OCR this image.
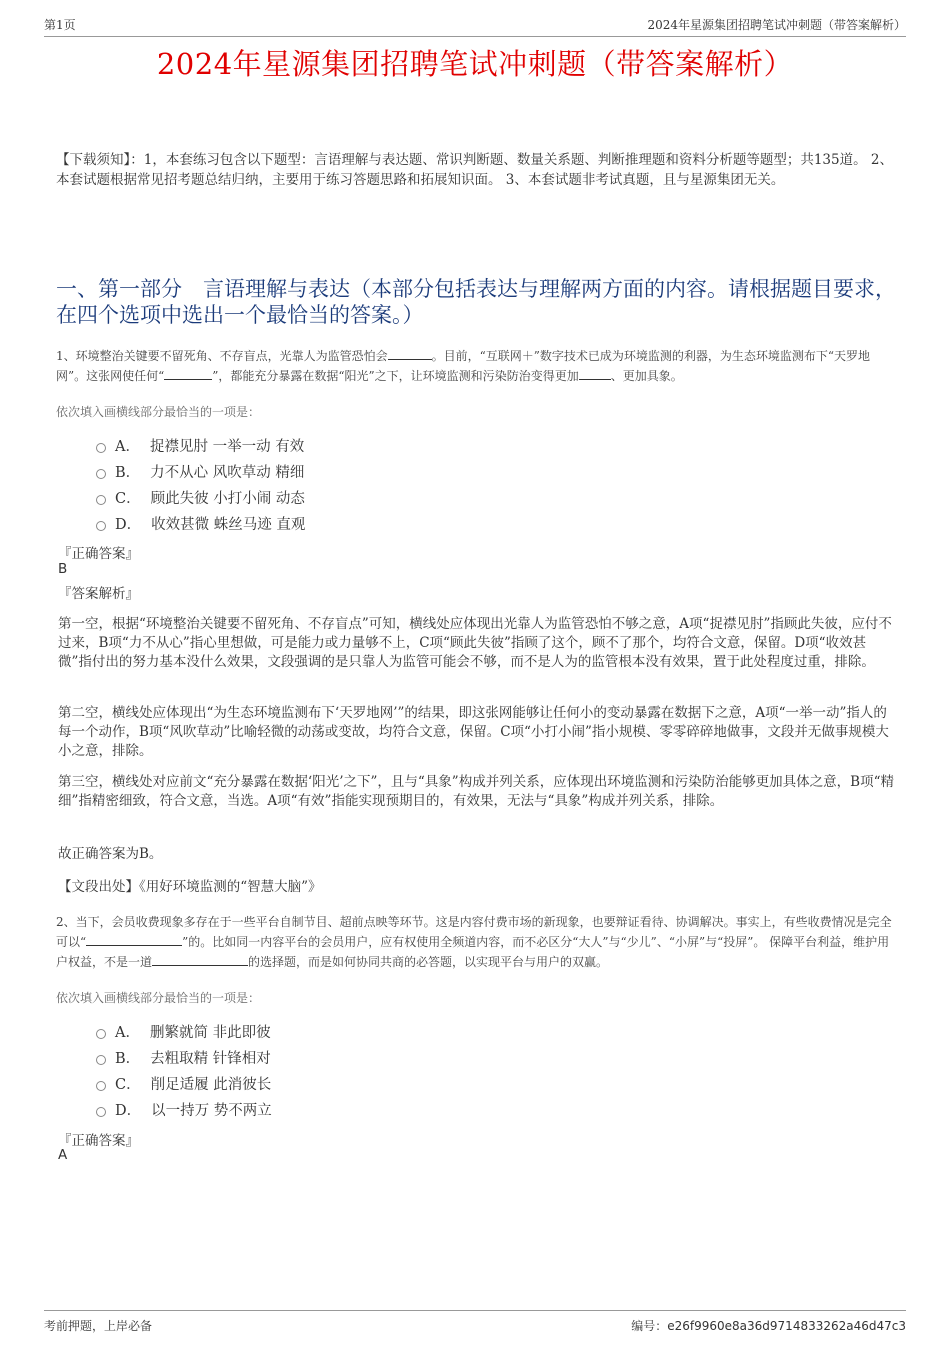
第1页	2024年星源集团招聘笔试冲刺题（带答案解析）
2024年星源集团招聘笔试冲刺题（带答案解析）
【下载须知】：1，本套练习包含以下题型：言语理解与表达题、常识判断题、数量关系题、判断推理题和资料分析题等题型；共135道。 2、本套试题根据常见招考题总结归纳，主要用于练习答题思路和拓展知识面。 3、本套试题非考试真题，且与星源集团无关。
一、第一部分　言语理解与表达（本部分包括表达与理解两方面的内容。请根据题目要求，在四个选项中选出一个最恰当的答案。）
1、环境整治关键要不留死角、不存盲点，光靠人为监管恐怕会	。目前，“互联网＋”数字技术已成为环境监测的利器，为生态环境监测布下“天罗地网”。这张网使任何“	”，都能充分暴露在数据“阳光”之下，让环境监测和污染防治变得更加	、更加具象。
依次填入画横线部分最恰当的一项是：
A． 捉襟见肘 一举一动 有效
B． 力不从心 风吹草动 精细
C． 顾此失彼 小打小闹 动态
D． 收效甚微 蛛丝马迹 直观
『正确答案』
B
『答案解析』
第一空，根据“环境整治关键要不留死角、不存盲点”可知，横线处应体现出光靠人为监管恐怕不够之意，A项“捉襟见肘”指顾此失彼，应付不过来，B项“力不从心”指心里想做，可是能力或力量够不上，C项“顾此失彼”指顾了这个，顾不了那个，均符合文意，保留。D项“收效甚微”指付出的努力基本没什么效果，文段强调的是只靠人为监管可能会不够，而不是人为的监管根本没有效果，置于此处程度过重，排除。
第二空，横线处应体现出“为生态环境监测布下‘天罗地网’”的结果，即这张网能够让任何小的变动暴露在数据下之意，A项“一举一动”指人的每一个动作，B项“风吹草动”比喻轻微的动荡或变故，均符合文意，保留。C项“小打小闹”指小规模、零零碎碎地做事，文段并无做事规模大小之意，排除。
第三空，横线处对应前文“充分暴露在数据‘阳光’之下”，且与“具象”构成并列关系，应体现出环境监测和污染防治能够更加具体之意，B项“精细”指精密细致，符合文意，当选。A项“有效”指能实现预期目的，有效果，无法与“具象”构成并列关系，排除。
故正确答案为B。
【文段出处】《用好环境监测的“智慧大脑”》
2、当下，会员收费现象多存在于一些平台自制节目、超前点映等环节。这是内容付费市场的新现象，也要辩证看待、协调解决。事实上，有些收费情况是完全可以“	”的。比如同一内容平台的会员用户，应有权使用全频道内容，而不必区分“大人”与“少儿”、“小屏”与“投屏”。 保障平台利益，维护用户权益，不是一道	的选择题，而是如何协同共商的必答题，以实现平台与用户的双赢。
依次填入画横线部分最恰当的一项是：
A． 删繁就简 非此即彼
B． 去粗取精 针锋相对
C． 削足适履 此消彼长
D． 以一持万 势不两立
『正确答案』
A
考前押题，上岸必备	编号：e26f9960e8a36d9714833262a46d47c3
